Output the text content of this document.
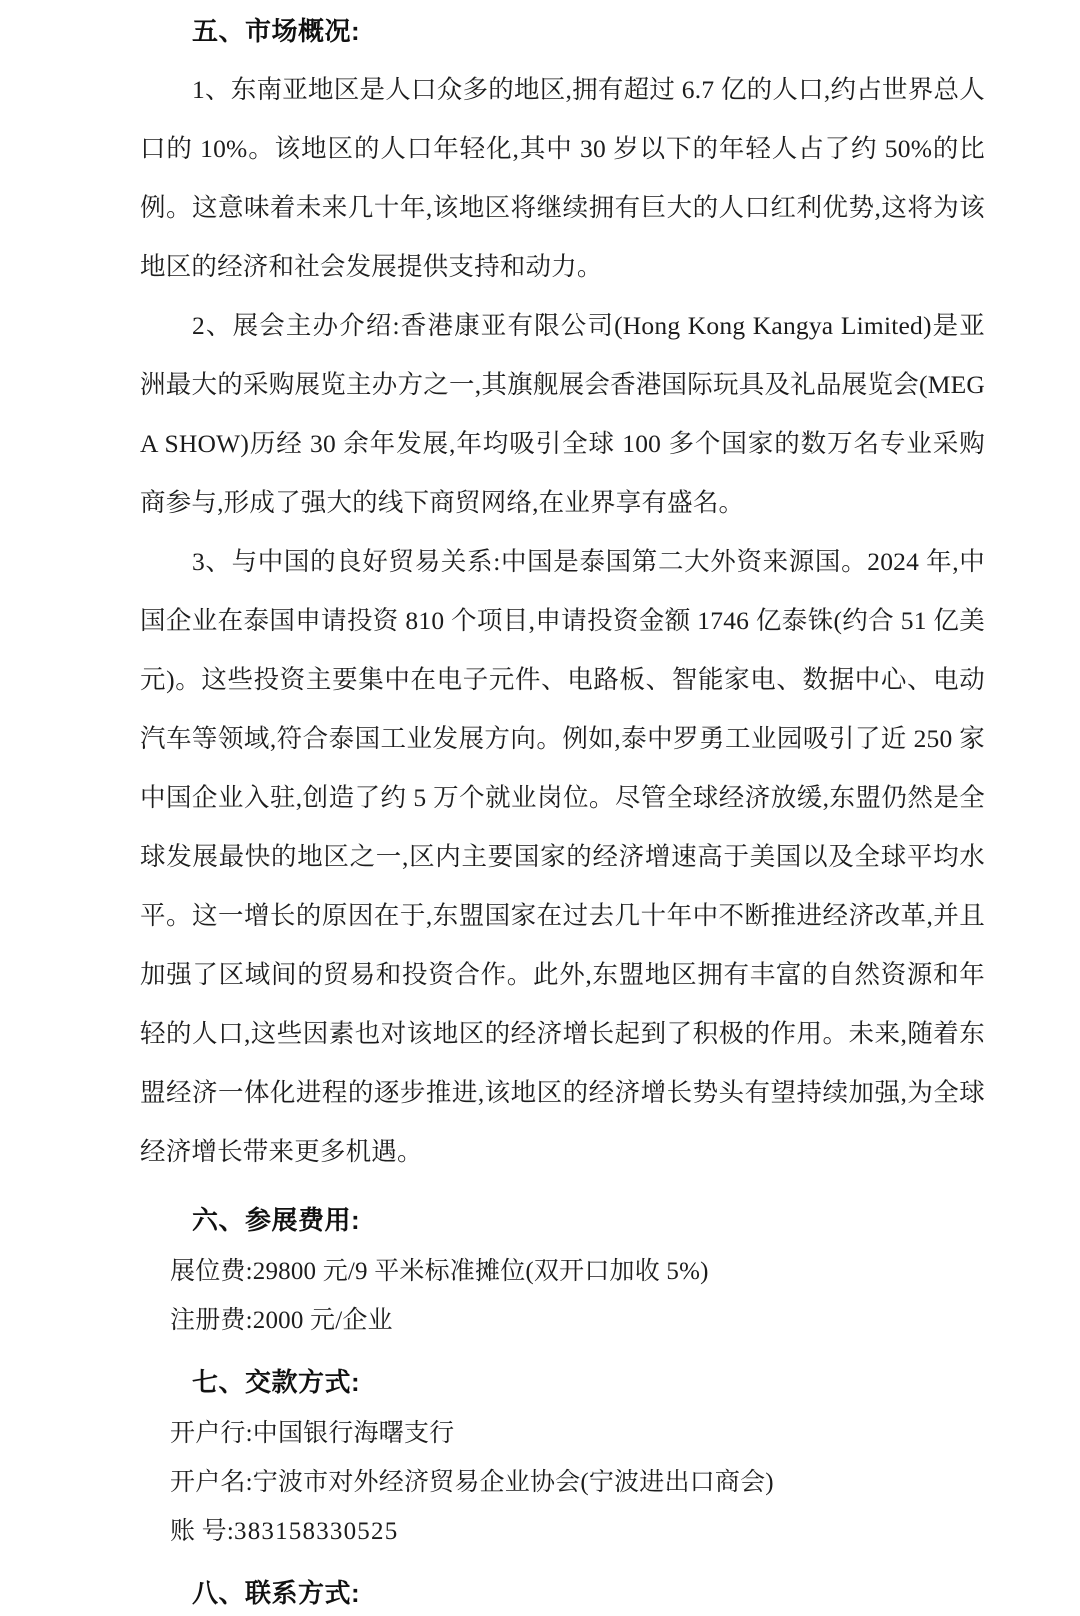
五、市场概况:

1、东南亚地区是人口众多的地区,拥有超过 6.7 亿的人口,约占世界总人口的 10%。该地区的人口年轻化,其中 30 岁以下的年轻人占了约 50%的比例。这意味着未来几十年,该地区将继续拥有巨大的人口红利优势,这将为该地区的经济和社会发展提供支持和动力。

2、展会主办介绍:香港康亚有限公司(Hong Kong Kangya Limited)是亚洲最大的采购展览主办方之一,其旗舰展会香港国际玩具及礼品展览会(MEGA SHOW)历经 30 余年发展,年均吸引全球 100 多个国家的数万名专业采购商参与,形成了强大的线下商贸网络,在业界享有盛名。

3、与中国的良好贸易关系:中国是泰国第二大外资来源国。2024 年,中国企业在泰国申请投资 810 个项目,申请投资金额 1746 亿泰铢(约合 51 亿美元)。这些投资主要集中在电子元件、电路板、智能家电、数据中心、电动汽车等领域,符合泰国工业发展方向。例如,泰中罗勇工业园吸引了近 250 家中国企业入驻,创造了约 5 万个就业岗位。尽管全球经济放缓,东盟仍然是全球发展最快的地区之一,区内主要国家的经济增速高于美国以及全球平均水平。这一增长的原因在于,东盟国家在过去几十年中不断推进经济改革,并且加强了区域间的贸易和投资合作。此外,东盟地区拥有丰富的自然资源和年轻的人口,这些因素也对该地区的经济增长起到了积极的作用。未来,随着东盟经济一体化进程的逐步推进,该地区的经济增长势头有望持续加强,为全球经济增长带来更多机遇。

六、参展费用:

展位费:29800 元/9 平米标准摊位(双开口加收 5%)

注册费:2000 元/企业

七、交款方式:

开户行:中国银行海曙支行

开户名:宁波市对外经济贸易企业协会(宁波进出口商会)

账 号:383158330525

八、联系方式:
